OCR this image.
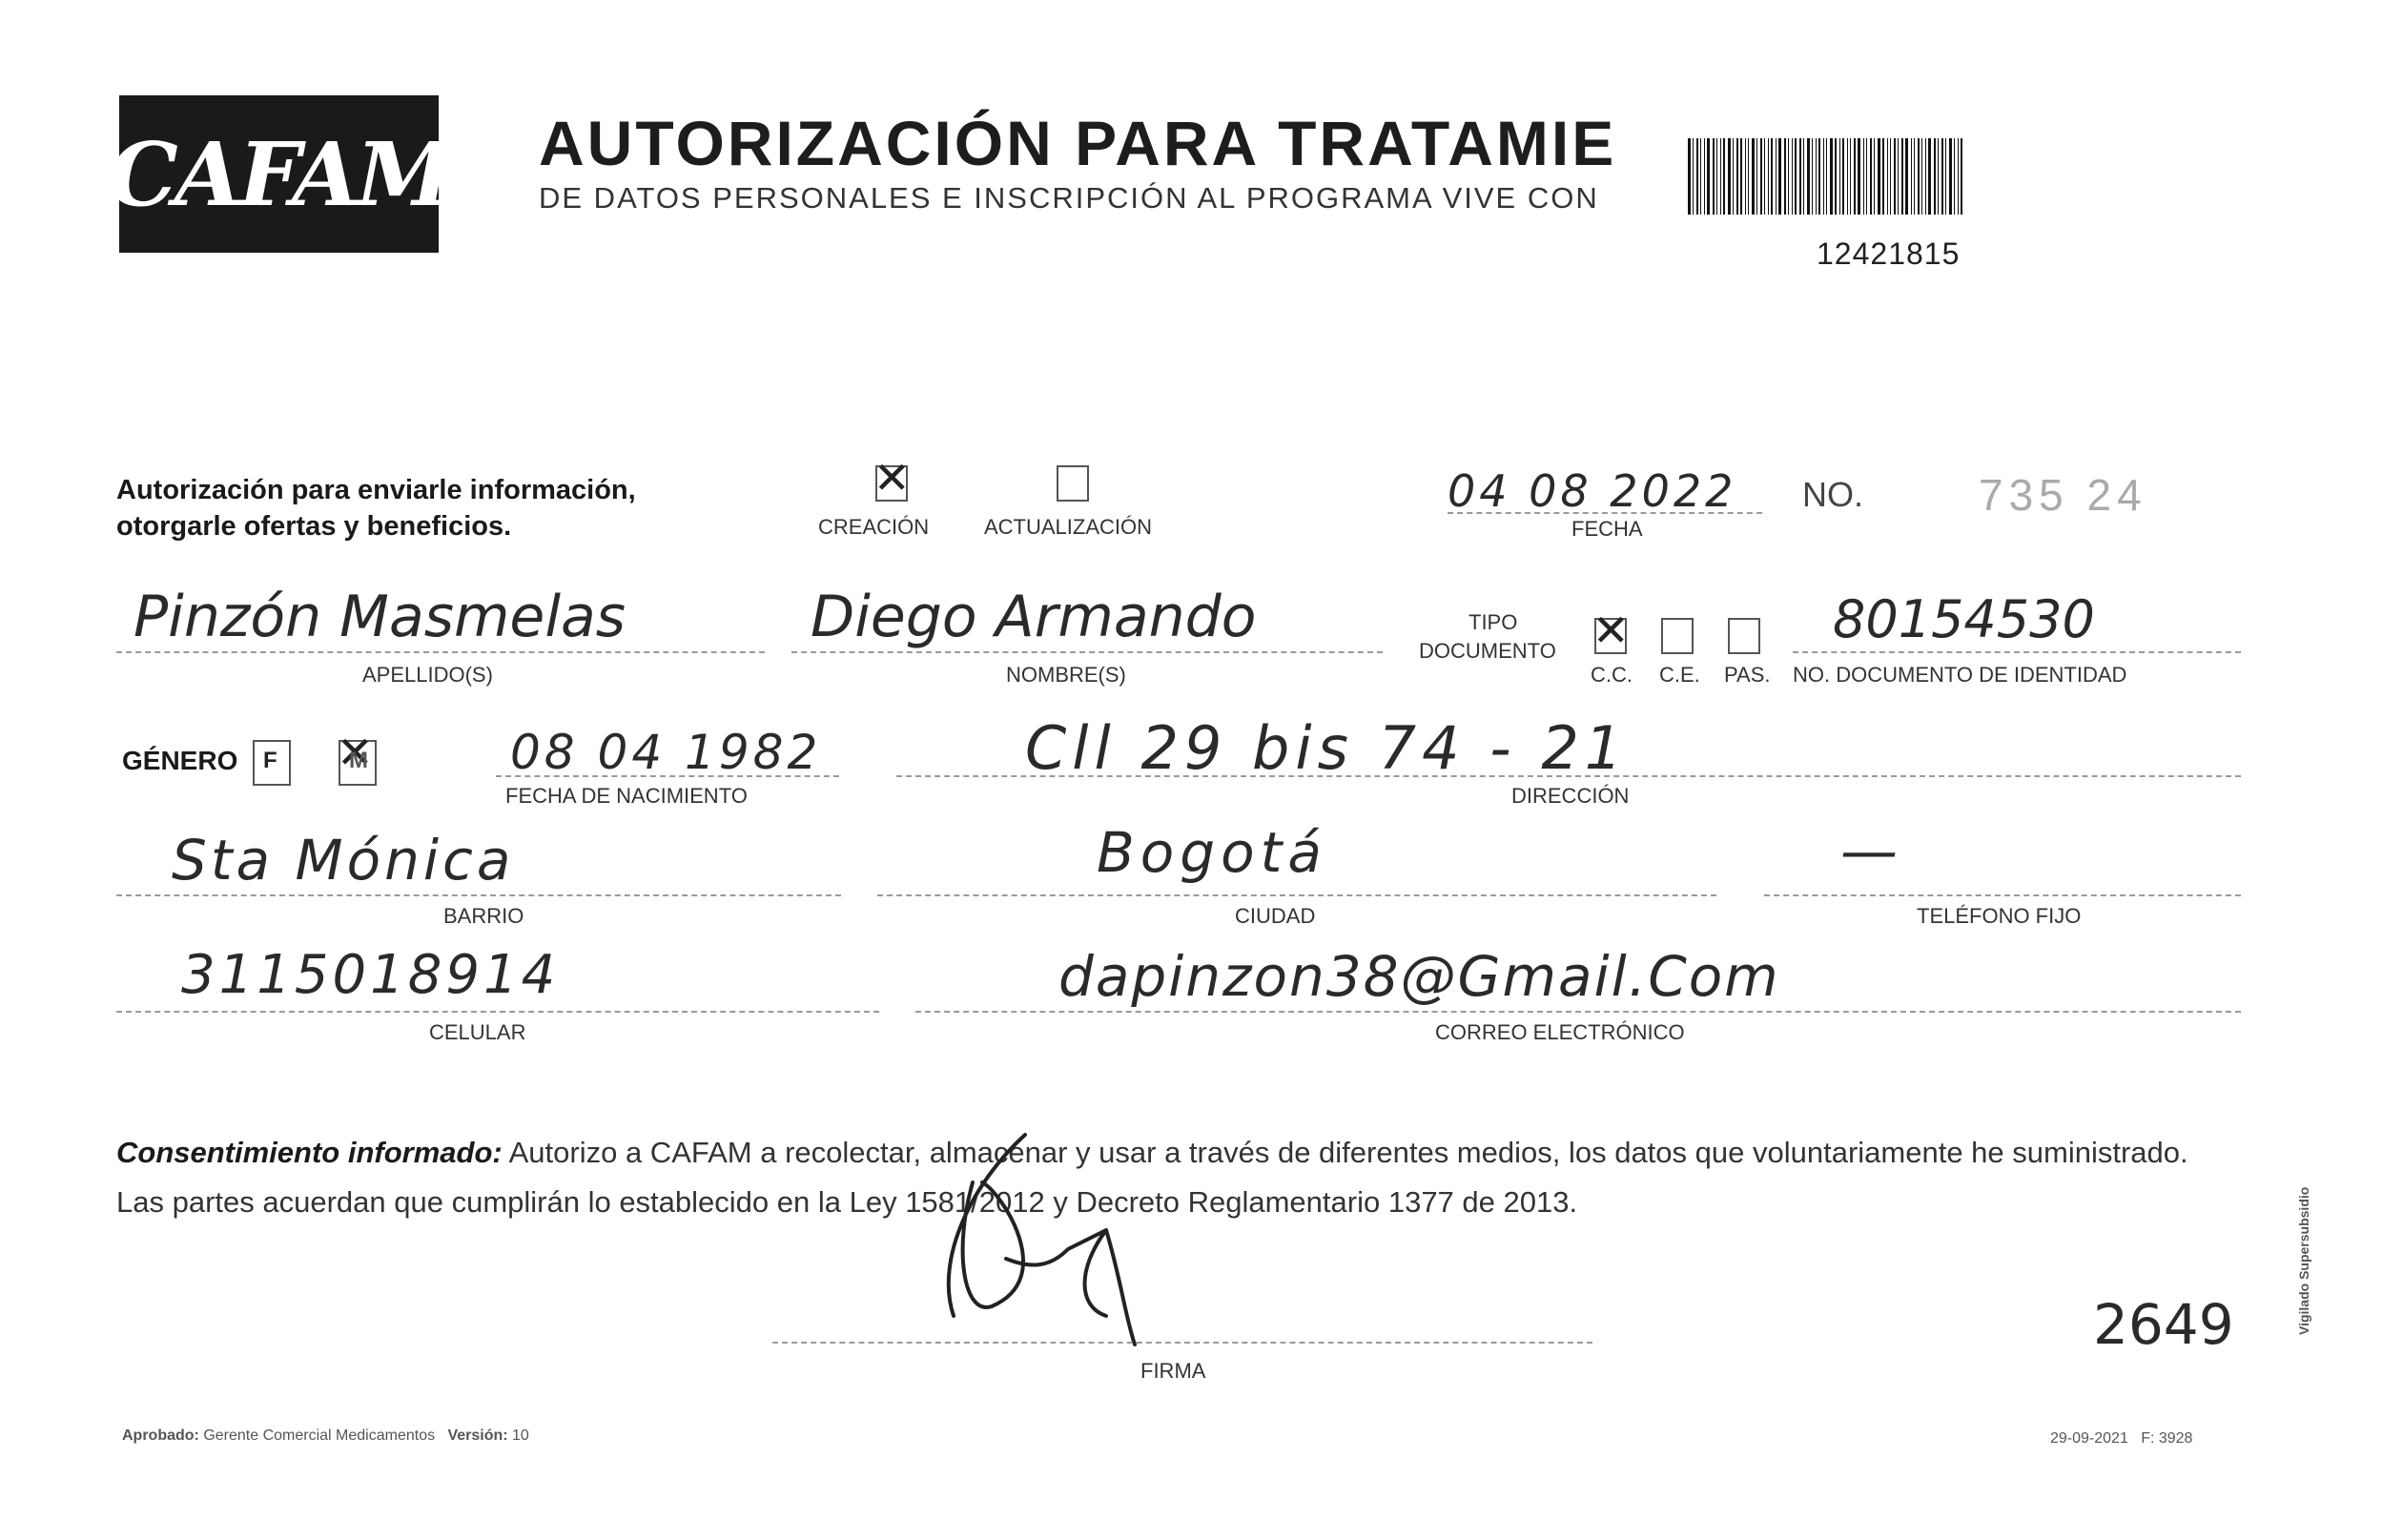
CAFAM AUTORIZACIÓN PARA TRATAMIE
DE DATOS PERSONALES E INSCRIPCIÓN AL PROGRAMA VIVE CON
12421815
Autorización para enviarle información,
otorgarle ofertas y beneficios.
✕	CREACIÓN	ACTUALIZACIÓN
04 08 2022
FECHA
NO.	735 24
Pinzón Masmelas
APELLIDO(S)
Diego Armando
NOMBRE(S)
TIPO
DOCUMENTO
✕
C.C. C.E. PAS.
80154530
NO. DOCUMENTO DE IDENTIDAD
GÉNERO F
✕	M	08 04 1982
FECHA DE NACIMIENTO
Cll 29 bis 74 - 21
DIRECCIÓN
Sta Mónica
BARRIO
Bogotá
CIUDAD
—
TELÉFONO FIJO
3115018914
CELULAR
dapinzon38@Gmail.Com
CORREO ELECTRÓNICO
Consentimiento informado: Autorizo a CAFAM a recolectar, almacenar y usar a través de diferentes medios, los datos que voluntariamente he suministrado.
Las partes acuerdan que cumplirán lo establecido en la Ley 1581/2012 y Decreto Reglamentario 1377 de 2013.
FIRMA
2649	Vigilado Supersubsidio
Aprobado: Gerente Comercial Medicamentos Versión: 10	29-09-2021 F: 3928
